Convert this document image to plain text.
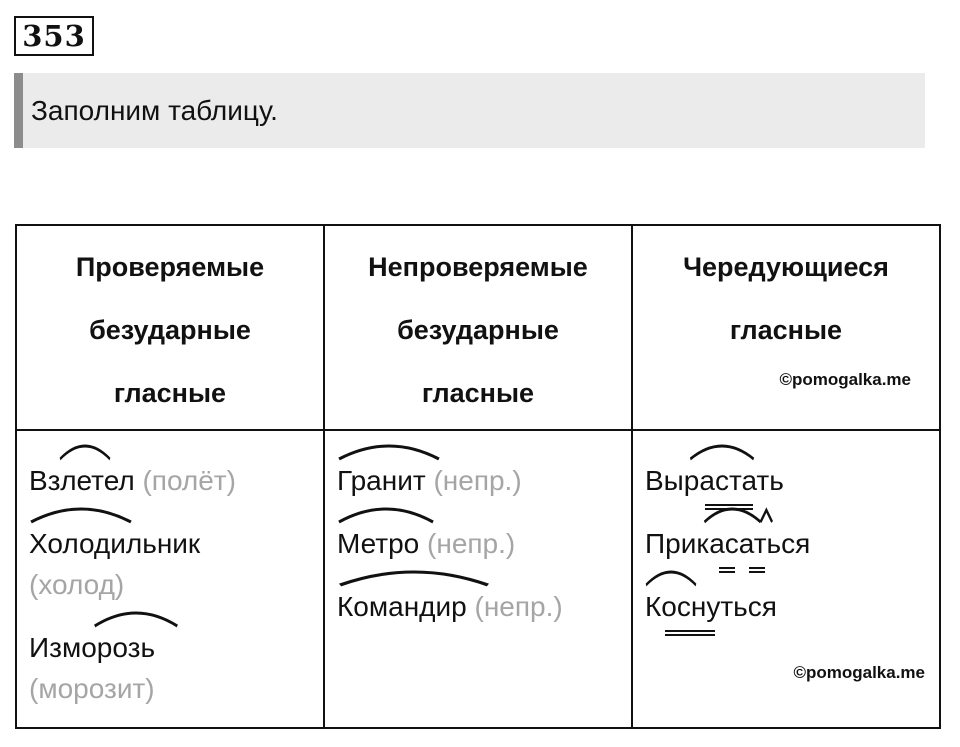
353
Заполним таблицу.
Проверяемые
безударные
гласные	Непроверяемые
безударные
гласные	Чередующиеся
гласные
©pomogalka.me

Взлетел (полёт)
Холодильник
(холод)
Изморозь
(морозит)	Гранит (непр.)
Метро (непр.)
Командир (непр.)	Вырастать
Прикасаться
Коснуться
©pomogalka.me
